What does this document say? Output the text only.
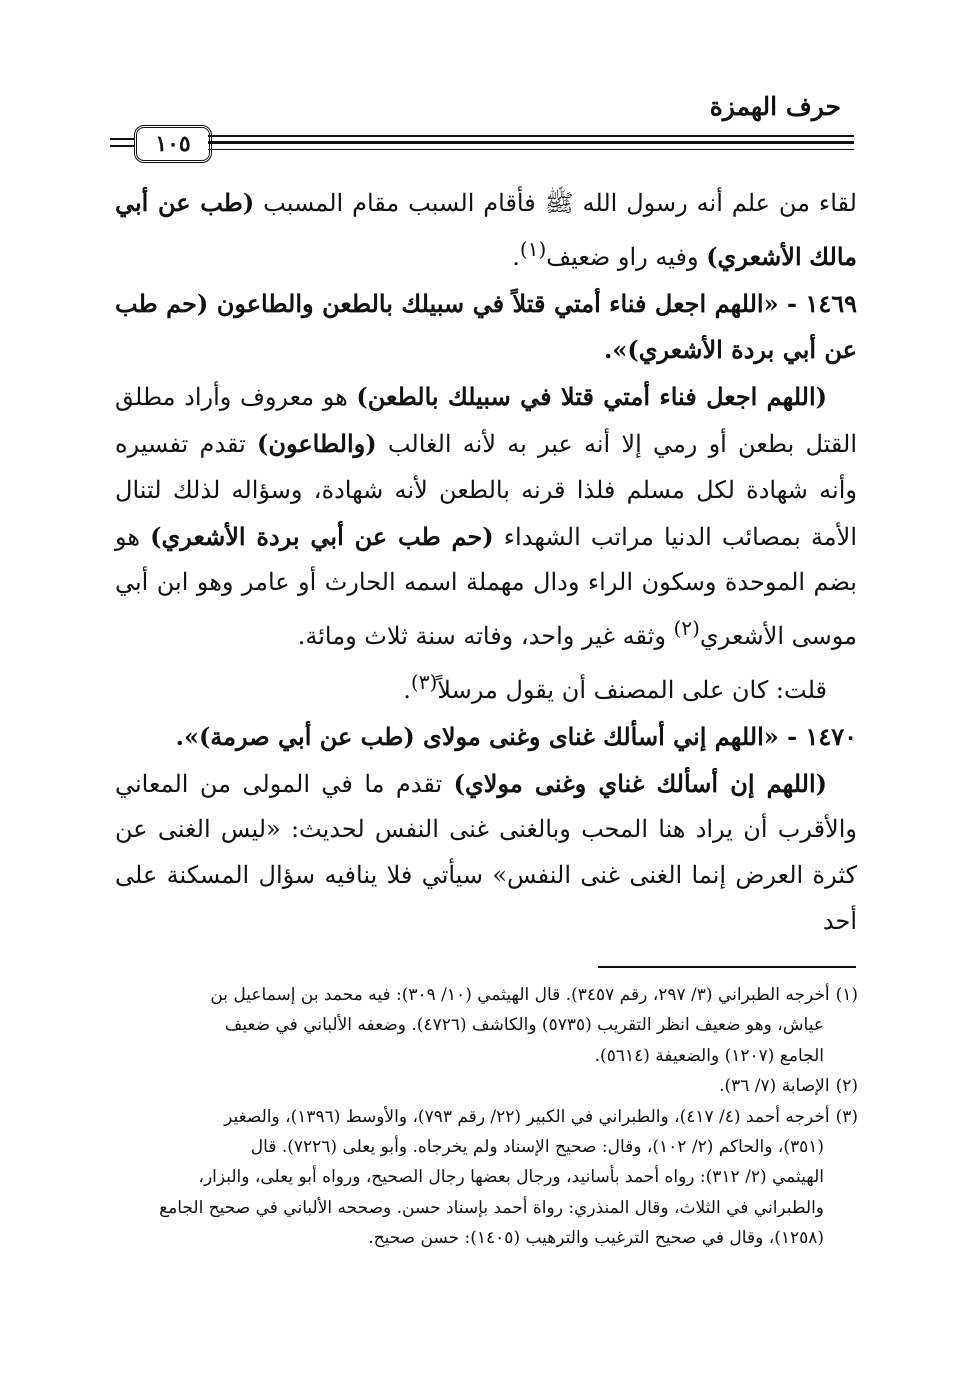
حرف الهمزة
١٠٥

لقاء من علم أنه رسول الله ﷺ فأقام السبب مقام المسبب (طب عن أبي مالك الأشعري) وفيه راو ضعيف$^{(١)}$.

١٤٦٩ - «اللهم اجعل فناء أمتي قتلاً في سبيلك بالطعن والطاعون (حم طب عن أبي بردة الأشعري)».

(اللهم اجعل فناء أمتي قتلا في سبيلك بالطعن) هو معروف وأراد مطلق القتل بطعن أو رمي إلا أنه عبر به لأنه الغالب (والطاعون) تقدم تفسيره وأنه شهادة لكل مسلم فلذا قرنه بالطعن لأنه شهادة، وسؤاله لذلك لتنال الأمة بمصائب الدنيا مراتب الشهداء (حم طب عن أبي بردة الأشعري) هو بضم الموحدة وسكون الراء ودال مهملة اسمه الحارث أو عامر وهو ابن أبي موسى الأشعري$^{(٢)}$ وثقه غير واحد، وفاته سنة ثلاث ومائة.

قلت: كان على المصنف أن يقول مرسلاً$^{(٣)}$.

١٤٧٠ - «اللهم إني أسألك غناى وغنى مولاى (طب عن أبي صرمة)».

(اللهم إن أسألك غناي وغنى مولاي) تقدم ما في المولى من المعاني والأقرب أن يراد هنا المحب وبالغنى غنى النفس لحديث: «ليس الغنى عن كثرة العرض إنما الغنى غنى النفس» سيأتي فلا ينافيه سؤال المسكنة على أحد

(١)أخرجه الطبراني (٣/ ٢٩٧، رقم ٣٤٥٧). قال الهيثمي (١٠/ ٣٠٩): فيه محمد بن إسماعيل بن

عياش، وهو ضعيف انظر التقريب (٥٧٣٥) والكاشف (٤٧٢٦). وضعفه الألباني في ضعيف

الجامع (١٢٠٧) والضعيفة (٥٦١٤).

(٢)الإصابة (٧/ ٣٦).

(٣)أخرجه أحمد (٤/ ٤١٧)، والطبراني في الكبير (٢٢/ رقم ٧٩٣)، والأوسط (١٣٩٦)، والصغير

(٣٥١)، والحاكم (٢/ ١٠٢)، وقال: صحيح الإسناد ولم يخرجاه. وأبو يعلى (٧٢٢٦). قال

الهيثمي (٢/ ٣١٢): رواه أحمد بأسانيد، ورجال بعضها رجال الصحيح، ورواه أبو يعلى، والبزار،

والطبراني في الثلاث، وقال المنذري: رواة أحمد بإسناد حسن. وصححه الألباني في صحيح الجامع

(١٢٥٨)، وقال في صحيح الترغيب والترهيب (١٤٠٥): حسن صحيح.
